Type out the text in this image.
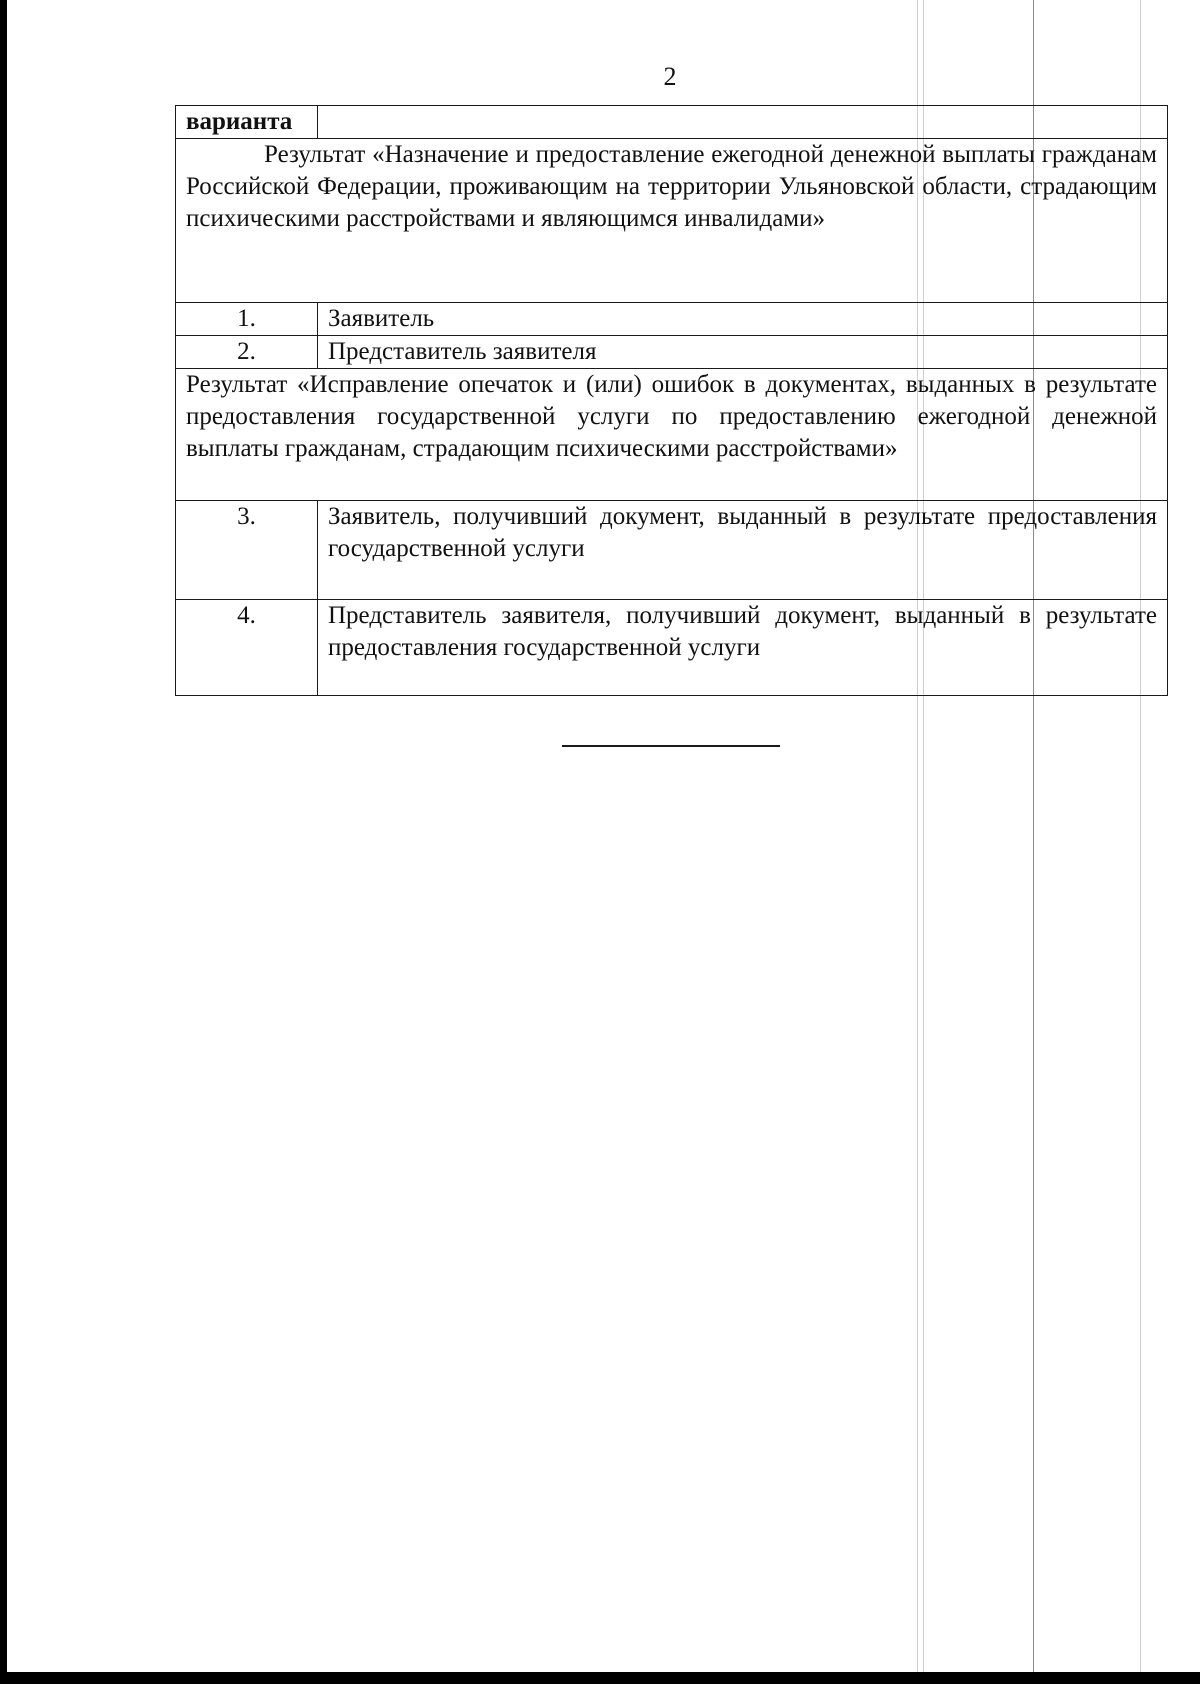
2
варианта	
Результат «Назначение и предоставление ежегодной денежной выплаты гражданам Российской Федерации, проживающим на территории Ульяновской области, страдающим психическими расстройствами и являющимся инвалидами»	
1.	Заявитель
2.	Представитель заявителя
Результат «Исправление опечаток и (или) ошибок в документах, выданных в результате предоставления государственной услуги по предоставлению ежегодной денежной выплаты гражданам, страдающим психическими расстройствами»	
3.	Заявитель, получивший документ, выданный в результате предоставления государственной услуги
4.	Представитель заявителя, получивший документ, выданный в результате предоставления государственной услуги
